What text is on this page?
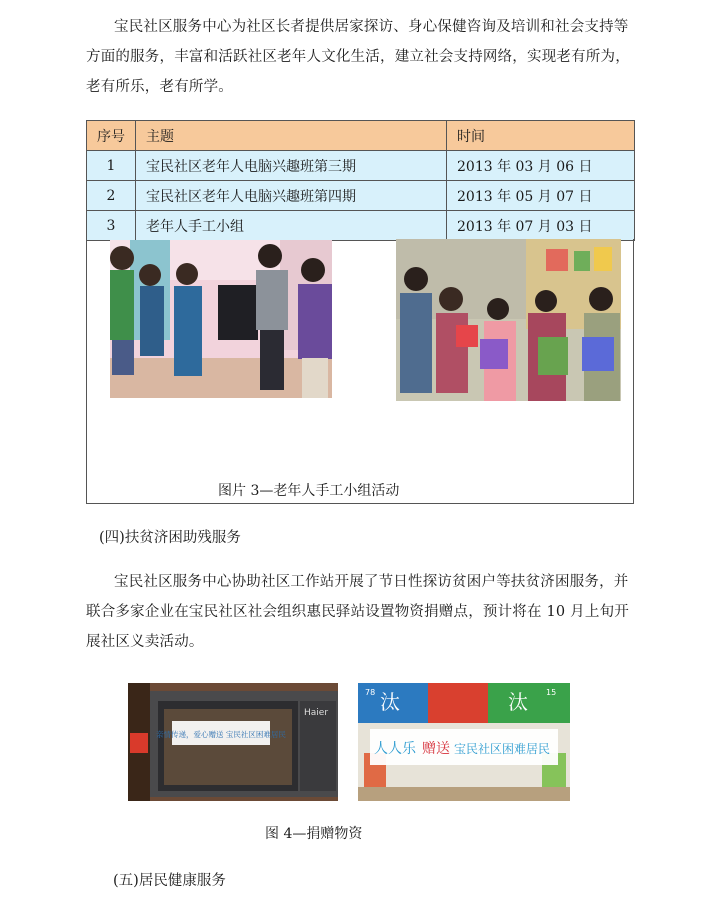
宝民社区服务中心为社区长者提供居家探访、身心保健咨询及培训和社会支持等方面的服务，丰富和活跃社区老年人文化生活，建立社会支持网络，实现老有所为，老有所乐，老有所学。

序号	主题	时间
1	宝民社区老年人电脑兴趣班第三期	2013 年 03 月 06 日
2	宝民社区老年人电脑兴趣班第四期	2013 年 05 月 07 日
3	老年人手工小组	2013 年 07 月 03 日
图片 3—老年人手工小组活动
(四)扶贫济困助残服务

宝民社区服务中心协助社区工作站开展了节日性探访贫困户等扶贫济困服务，并联合多家企业在宝民社区社会组织惠民驿站设置物资捐赠点，预计将在 10 月上旬开展社区义卖活动。

Haier
亲情传递，爱心赠送 宝民社区困难居民
汰	汰
78	15
人人乐 赠送 宝民社区困难居民
图 4—捐赠物资
(五)居民健康服务
